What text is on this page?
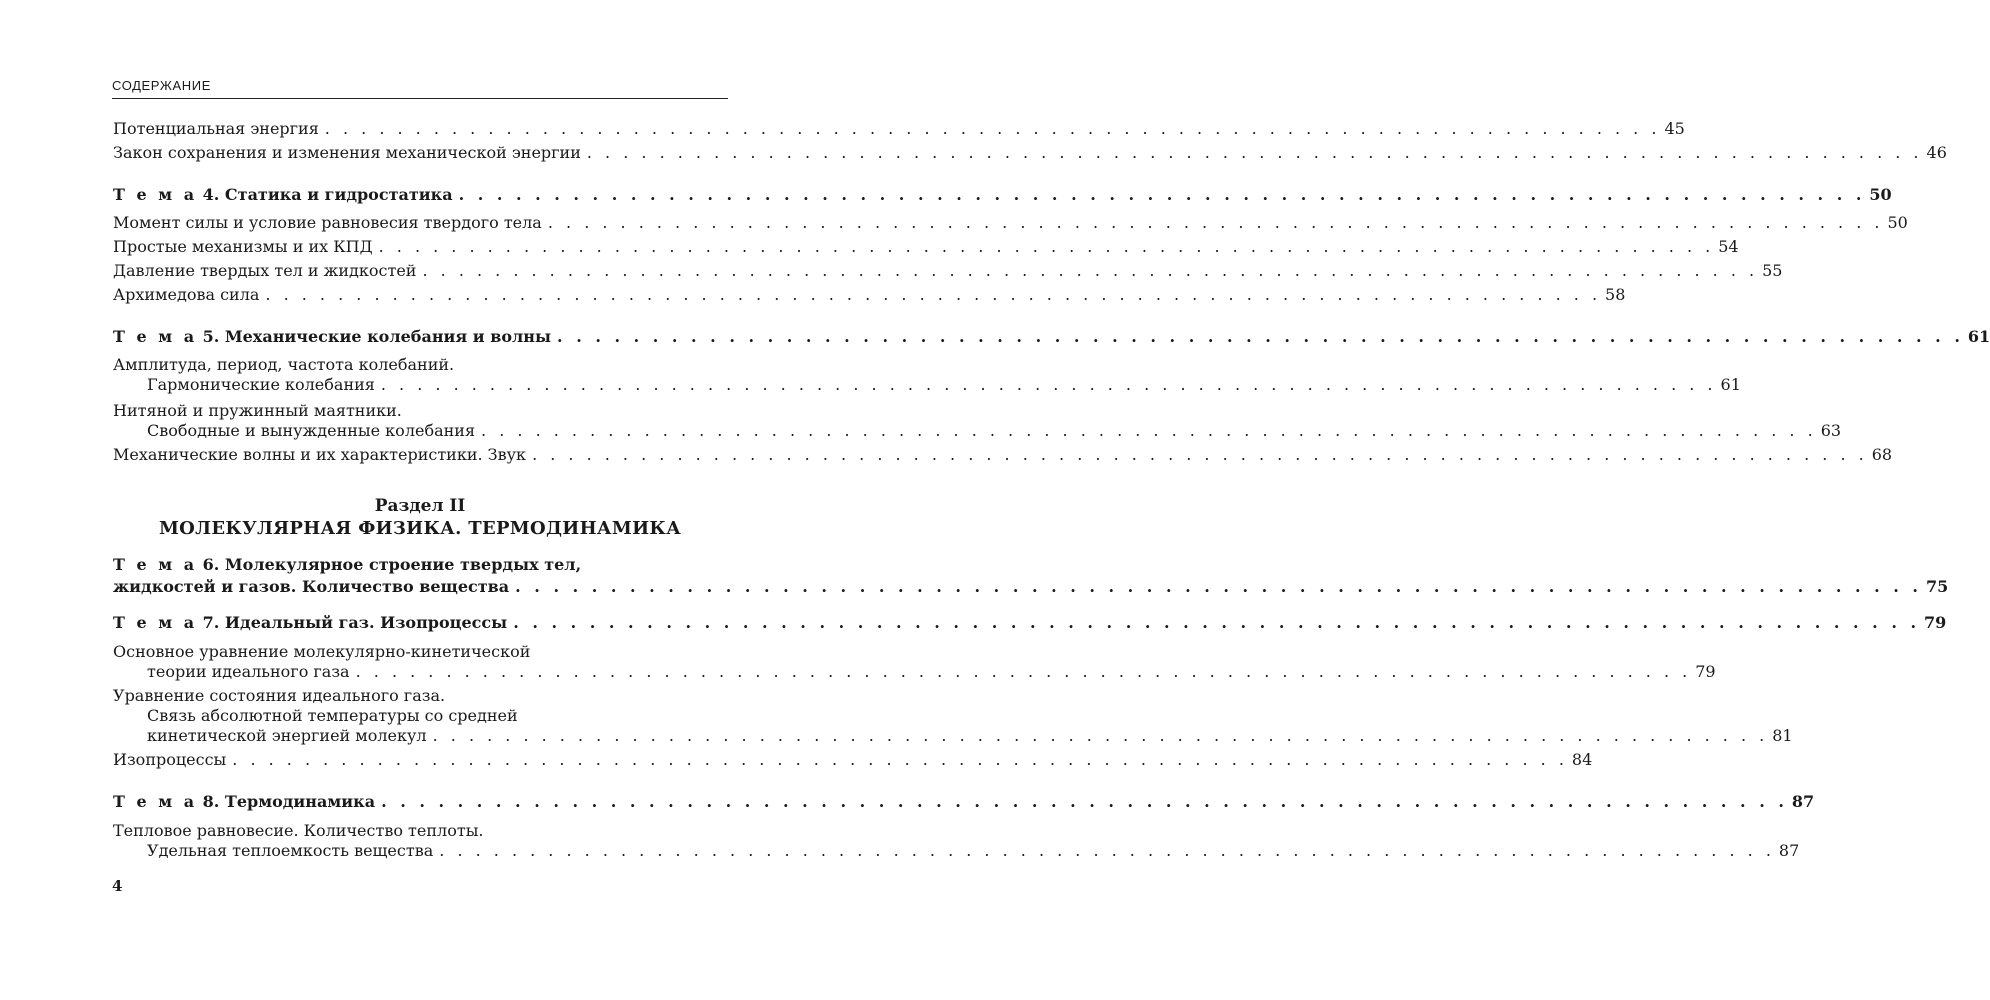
СОДЕРЖАНИЕ
Потенциальная энергия . . . . . . . . . . . . . . . . . . . . . . . . . . . . . . . . . . . . . . . . . . . . . . . . . . . . . . . . . . . . . . . . . . . . . . . . . . 45
Закон сохранения и изменения механической энергии . . . . . . . . . . . . . . . . . . . . . . . . . . . . . . . . . . . . . . . . . . . . . . . . . . . . . . . . . . . . . . . . . . . . . . . . . . 46
Т е м а 4. Статика и гидростатика . . . . . . . . . . . . . . . . . . . . . . . . . . . . . . . . . . . . . . . . . . . . . . . . . . . . . . . . . . . . . . . . . . . . . . . . . . 50
Момент силы и условие равновесия твердого тела . . . . . . . . . . . . . . . . . . . . . . . . . . . . . . . . . . . . . . . . . . . . . . . . . . . . . . . . . . . . . . . . . . . . . . . . . . 50
Простые механизмы и их КПД . . . . . . . . . . . . . . . . . . . . . . . . . . . . . . . . . . . . . . . . . . . . . . . . . . . . . . . . . . . . . . . . . . . . . . . . . . 54
Давление твердых тел и жидкостей . . . . . . . . . . . . . . . . . . . . . . . . . . . . . . . . . . . . . . . . . . . . . . . . . . . . . . . . . . . . . . . . . . . . . . . . . . 55
Архимедова сила . . . . . . . . . . . . . . . . . . . . . . . . . . . . . . . . . . . . . . . . . . . . . . . . . . . . . . . . . . . . . . . . . . . . . . . . . . 58
Т е м а 5. Механические колебания и волны . . . . . . . . . . . . . . . . . . . . . . . . . . . . . . . . . . . . . . . . . . . . . . . . . . . . . . . . . . . . . . . . . . . . . . . . . . 61
Амплитуда, период, частота колебаний.
Гармонические колебания . . . . . . . . . . . . . . . . . . . . . . . . . . . . . . . . . . . . . . . . . . . . . . . . . . . . . . . . . . . . . . . . . . . . . . . . . . 61
Нитяной и пружинный маятники.
Свободные и вынужденные колебания . . . . . . . . . . . . . . . . . . . . . . . . . . . . . . . . . . . . . . . . . . . . . . . . . . . . . . . . . . . . . . . . . . . . . . . . . . 63
Механические волны и их характеристики. Звук . . . . . . . . . . . . . . . . . . . . . . . . . . . . . . . . . . . . . . . . . . . . . . . . . . . . . . . . . . . . . . . . . . . . . . . . . . 68
Раздел II
МОЛЕКУЛЯРНАЯ ФИЗИКА. ТЕРМОДИНАМИКА
Т е м а 6. Молекулярное строение твердых тел,
жидкостей и газов. Количество вещества . . . . . . . . . . . . . . . . . . . . . . . . . . . . . . . . . . . . . . . . . . . . . . . . . . . . . . . . . . . . . . . . . . . . . . . . . . 75
Т е м а 7. Идеальный газ. Изопроцессы . . . . . . . . . . . . . . . . . . . . . . . . . . . . . . . . . . . . . . . . . . . . . . . . . . . . . . . . . . . . . . . . . . . . . . . . . . 79
Основное уравнение молекулярно-кинетической
теории идеального газа . . . . . . . . . . . . . . . . . . . . . . . . . . . . . . . . . . . . . . . . . . . . . . . . . . . . . . . . . . . . . . . . . . . . . . . . . . 79
Уравнение состояния идеального газа.
Связь абсолютной температуры со средней
кинетической энергией молекул . . . . . . . . . . . . . . . . . . . . . . . . . . . . . . . . . . . . . . . . . . . . . . . . . . . . . . . . . . . . . . . . . . . . . . . . . . 81
Изопроцессы . . . . . . . . . . . . . . . . . . . . . . . . . . . . . . . . . . . . . . . . . . . . . . . . . . . . . . . . . . . . . . . . . . . . . . . . . . 84
Т е м а 8. Термодинамика . . . . . . . . . . . . . . . . . . . . . . . . . . . . . . . . . . . . . . . . . . . . . . . . . . . . . . . . . . . . . . . . . . . . . . . . . . 87
Тепловое равновесие. Количество теплоты.
Удельная теплоемкость вещества . . . . . . . . . . . . . . . . . . . . . . . . . . . . . . . . . . . . . . . . . . . . . . . . . . . . . . . . . . . . . . . . . . . . . . . . . . 87
4
